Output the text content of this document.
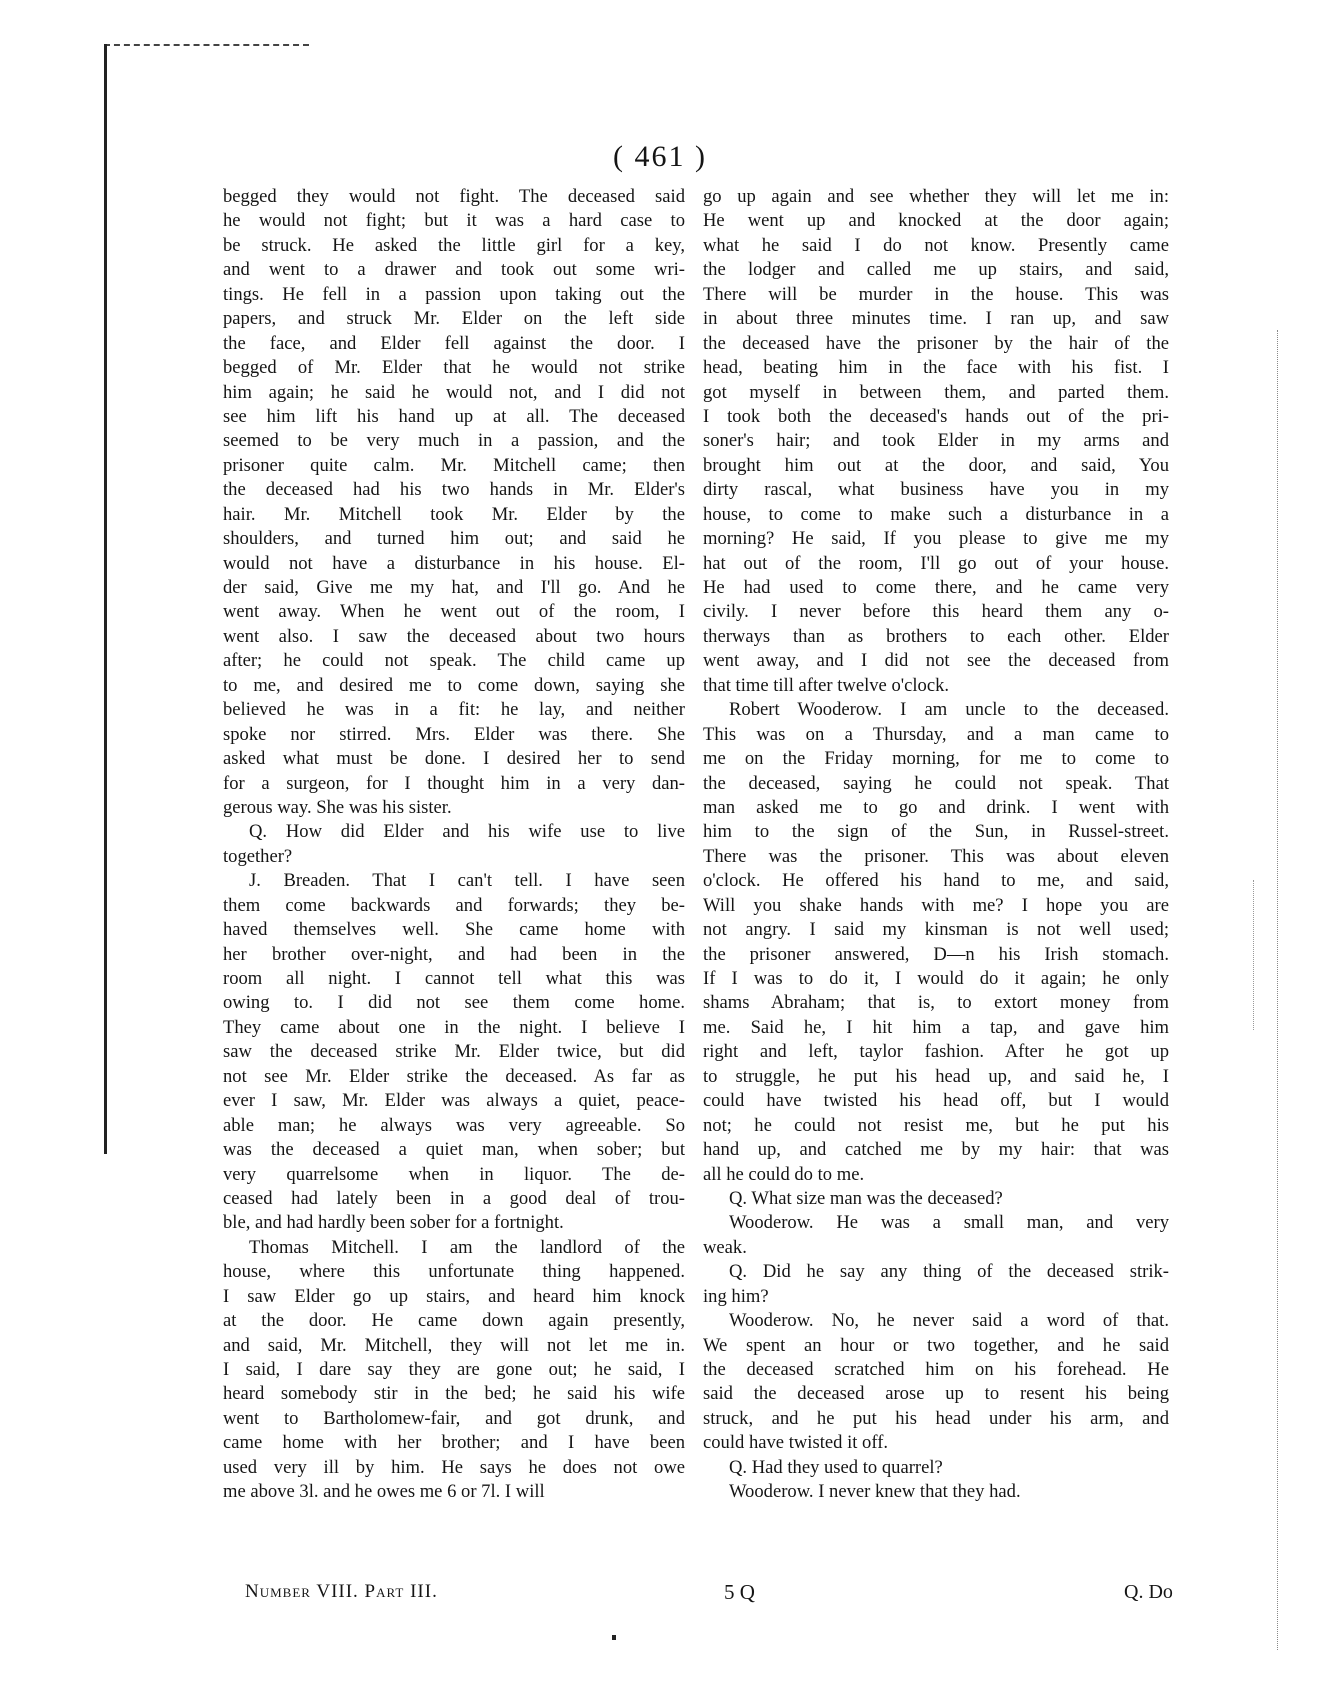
( 461 )
begged they would not fight. The deceased said
he would not fight; but it was a hard case to
be struck. He asked the little girl for a key,
and went to a drawer and took out some wri-
tings. He fell in a passion upon taking out the
papers, and struck Mr. Elder on the left side
the face, and Elder fell against the door. I
begged of Mr. Elder that he would not strike
him again; he said he would not, and I did not
see him lift his hand up at all. The deceased
seemed to be very much in a passion, and the
prisoner quite calm. Mr. Mitchell came; then
the deceased had his two hands in Mr. Elder's
hair. Mr. Mitchell took Mr. Elder by the
shoulders, and turned him out; and said he
would not have a disturbance in his house. El-
der said, Give me my hat, and I'll go. And he
went away. When he went out of the room, I
went also. I saw the deceased about two hours
after; he could not speak. The child came up
to me, and desired me to come down, saying she
believed he was in a fit: he lay, and neither
spoke nor stirred. Mrs. Elder was there. She
asked what must be done. I desired her to send
for a surgeon, for I thought him in a very dan-
gerous way. She was his sister.
Q. How did Elder and his wife use to live
together?
J. Breaden. That I can't tell. I have seen
them come backwards and forwards; they be-
haved themselves well. She came home with
her brother over-night, and had been in the
room all night. I cannot tell what this was
owing to. I did not see them come home.
They came about one in the night. I believe I
saw the deceased strike Mr. Elder twice, but did
not see Mr. Elder strike the deceased. As far as
ever I saw, Mr. Elder was always a quiet, peace-
able man; he always was very agreeable. So
was the deceased a quiet man, when sober; but
very quarrelsome when in liquor. The de-
ceased had lately been in a good deal of trou-
ble, and had hardly been sober for a fortnight.
Thomas Mitchell. I am the landlord of the
house, where this unfortunate thing happened.
I saw Elder go up stairs, and heard him knock
at the door. He came down again presently,
and said, Mr. Mitchell, they will not let me in.
I said, I dare say they are gone out; he said, I
heard somebody stir in the bed; he said his wife
went to Bartholomew-fair, and got drunk, and
came home with her brother; and I have been
used very ill by him. He says he does not owe
me above 3l. and he owes me 6 or 7l. I will
go up again and see whether they will let me in:
He went up and knocked at the door again;
what he said I do not know. Presently came
the lodger and called me up stairs, and said,
There will be murder in the house. This was
in about three minutes time. I ran up, and saw
the deceased have the prisoner by the hair of the
head, beating him in the face with his fist. I
got myself in between them, and parted them.
I took both the deceased's hands out of the pri-
soner's hair; and took Elder in my arms and
brought him out at the door, and said, You
dirty rascal, what business have you in my
house, to come to make such a disturbance in a
morning? He said, If you please to give me my
hat out of the room, I'll go out of your house.
He had used to come there, and he came very
civily. I never before this heard them any o-
therways than as brothers to each other. Elder
went away, and I did not see the deceased from
that time till after twelve o'clock.
Robert Wooderow. I am uncle to the deceased.
This was on a Thursday, and a man came to
me on the Friday morning, for me to come to
the deceased, saying he could not speak. That
man asked me to go and drink. I went with
him to the sign of the Sun, in Russel-street.
There was the prisoner. This was about eleven
o'clock. He offered his hand to me, and said,
Will you shake hands with me? I hope you are
not angry. I said my kinsman is not well used;
the prisoner answered, D—n his Irish stomach.
If I was to do it, I would do it again; he only
shams Abraham; that is, to extort money from
me. Said he, I hit him a tap, and gave him
right and left, taylor fashion. After he got up
to struggle, he put his head up, and said he, I
could have twisted his head off, but I would
not; he could not resist me, but he put his
hand up, and catched me by my hair: that was
all he could do to me.
Q. What size man was the deceased?
Wooderow. He was a small man, and very
weak.
Q. Did he say any thing of the deceased strik-
ing him?
Wooderow. No, he never said a word of that.
We spent an hour or two together, and he said
the deceased scratched him on his forehead. He
said the deceased arose up to resent his being
struck, and he put his head under his arm, and
could have twisted it off.
Q. Had they used to quarrel?
Wooderow. I never knew that they had.
Number VIII. Part III.	5 Q	Q. Do
